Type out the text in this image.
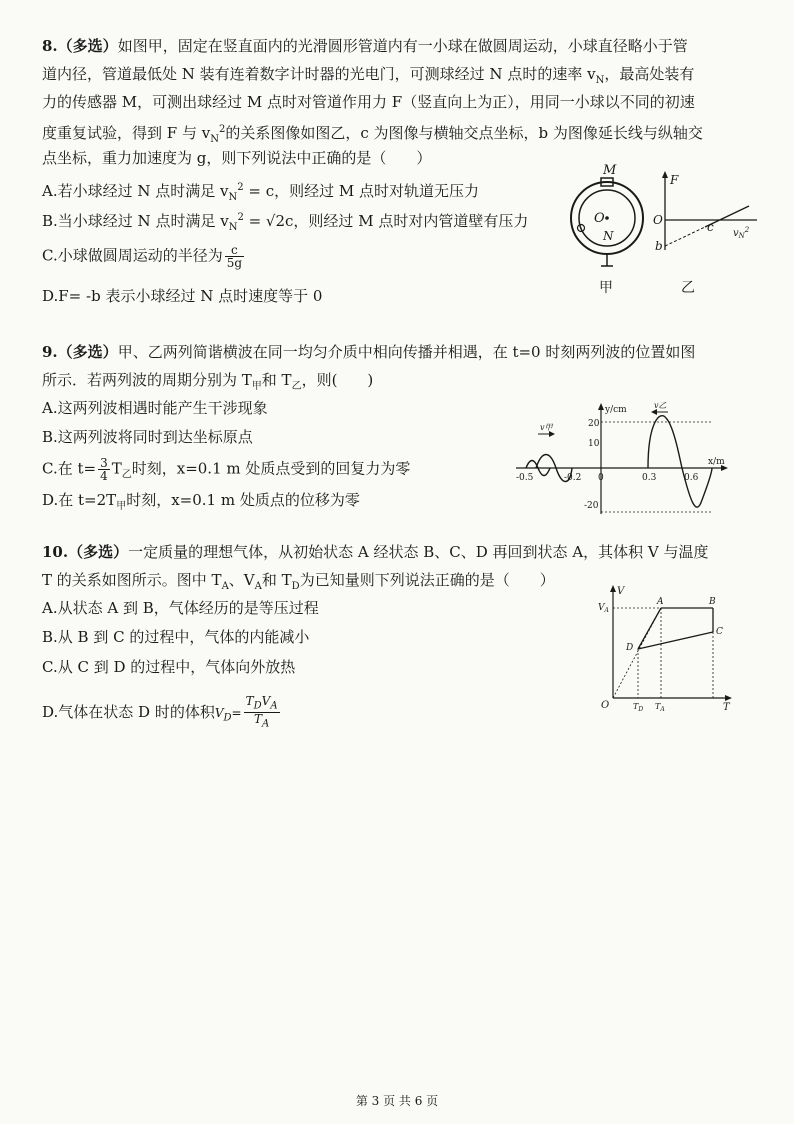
8.（多选）如图甲，固定在竖直面内的光滑圆形管道内有一小球在做圆周运动，小球直径略小于管
道内径，管道最低处 N 装有连着数字计时器的光电门，可测球经过 N 点时的速率 $v_N$，最高处装有
力的传感器 M，可测出球经过 M 点时对管道作用力 F（竖直向上为正），用同一小球以不同的初速
度重复试验，得到 F 与 $v_N^2$的关系图像如图乙，c 为图像与横轴交点坐标，b 为图像延长线与纵轴交
点坐标，重力加速度为 g，则下列说法中正确的是（　　）
A.若小球经过 N 点时满足 $v_N^2 = c$，则经过 M 点时对轨道无压力
B.当小球经过 N 点时满足 $v_N^2 = √2c$，则经过 M 点时对内管道壁有压力
C.小球做圆周运动的半径为 $\frac{c}{5g}$
D.F= -b 表示小球经过 N 点时速度等于 0
M
O
N
甲
F
O	c
b
$v_N^2$
乙
9.（多选）甲、乙两列简谐横波在同一均匀介质中相向传播并相遇，在 t=0 时刻两列波的位置如图
所示．若两列波的周期分别为 $T_甲$和 $T_乙$，则(　　)
A.这两列波相遇时能产生干涉现象
B.这两列波将同时到达坐标原点
C.在 $t= \frac{3}{4} T_乙$时刻，x=0.1 m 处质点受到的回复力为零
D.在 $t=2T_甲$时刻，x=0.1 m 处质点的位移为零
y/cm
x/m
20
10
-20
v甲
v乙
-0.5	-0.2 0	0.3	0.6
10.（多选）一定质量的理想气体，从初始状态 A 经状态 B、C、D 再回到状态 A，其体积 V 与温度
T 的关系如图所示。图中 $T_A$、$V_A$和 $T_D$为已知量则下列说法正确的是（　　）
A.从状态 A 到 B，气体经历的是等压过程
B.从 B 到 C 的过程中，气体的内能减小
C.从 C 到 D 的过程中，气体向外放热
D.气体在状态 D 时的体积$V_D= \frac{T_DV_A}{T_A}$
V
T
O
$V_A$
A	B
C
D
$T_D$ $T_A$
第 3 页 共 6 页
